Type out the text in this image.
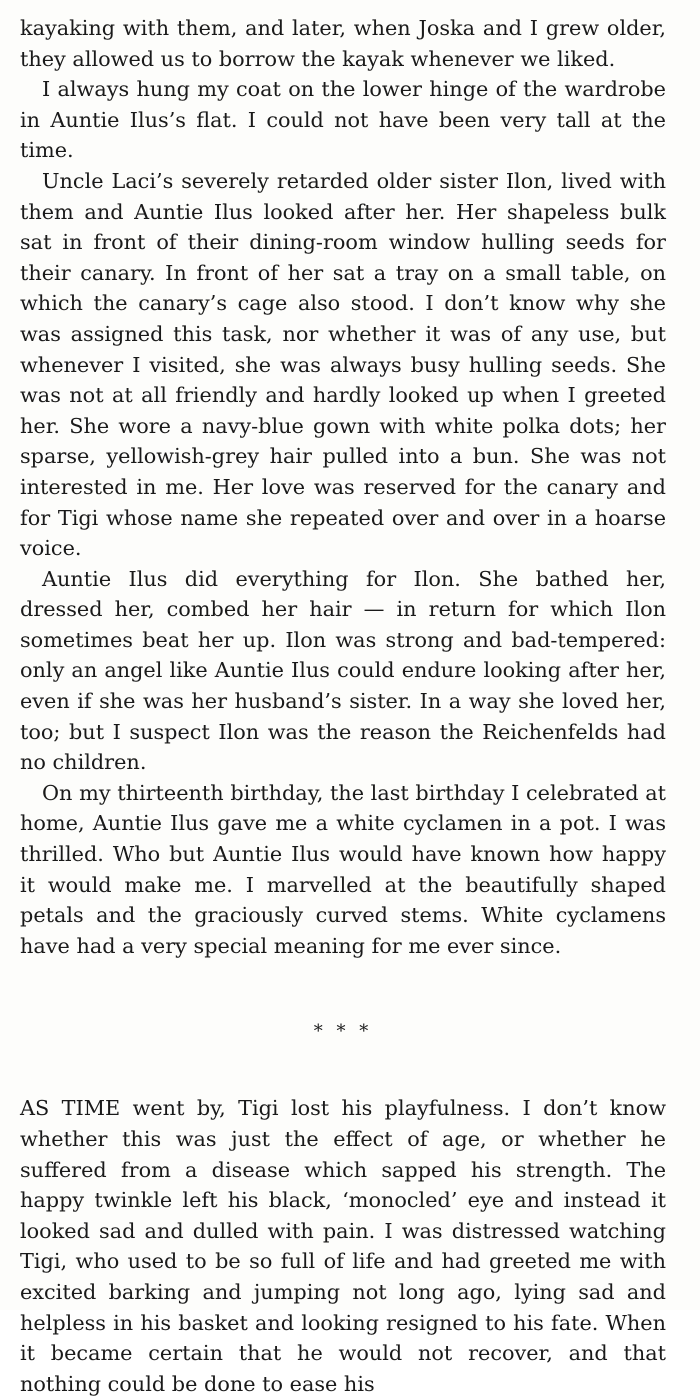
kayaking with them, and later, when Joska and I grew older, they allowed us to borrow the kayak whenever we liked.

I always hung my coat on the lower hinge of the wardrobe in Auntie Ilus’s flat. I could not have been very tall at the time.

Uncle Laci’s severely retarded older sister Ilon, lived with them and Auntie Ilus looked after her. Her shapeless bulk sat in front of their dining-room window hulling seeds for their canary. In front of her sat a tray on a small table, on which the canary’s cage also stood. I don’t know why she was assigned this task, nor whether it was of any use, but whenever I visited, she was always busy hulling seeds. She was not at all friendly and hardly looked up when I greeted her. She wore a navy-blue gown with white polka dots; her sparse, yellowish-grey hair pulled into a bun. She was not interested in me. Her love was reserved for the canary and for Tigi whose name she repeated over and over in a hoarse voice.

Auntie Ilus did everything for Ilon. She bathed her, dressed her, combed her hair — in return for which Ilon sometimes beat her up. Ilon was strong and bad-tempered: only an angel like Auntie Ilus could endure looking after her, even if she was her husband’s sister. In a way she loved her, too; but I suspect Ilon was the reason the Reichenfelds had no children.

On my thirteenth birthday, the last birthday I celebrated at home, Auntie Ilus gave me a white cyclamen in a pot. I was thrilled. Who but Auntie Ilus would have known how happy it would make me. I marvelled at the beautifully shaped petals and the graciously curved stems. White cyclamens have had a very special meaning for me ever since.

* * *

AS TIME went by, Tigi lost his playfulness. I don’t know whether this was just the effect of age, or whether he suffered from a disease which sapped his strength. The happy twinkle left his black, ‘monocled’ eye and instead it looked sad and dulled with pain. I was distressed watching Tigi, who used to be so full of life and had greeted me with excited barking and jumping not long ago, lying sad and helpless in his basket and looking resigned to his fate. When it became certain that he would not recover, and that nothing could be done to ease his
